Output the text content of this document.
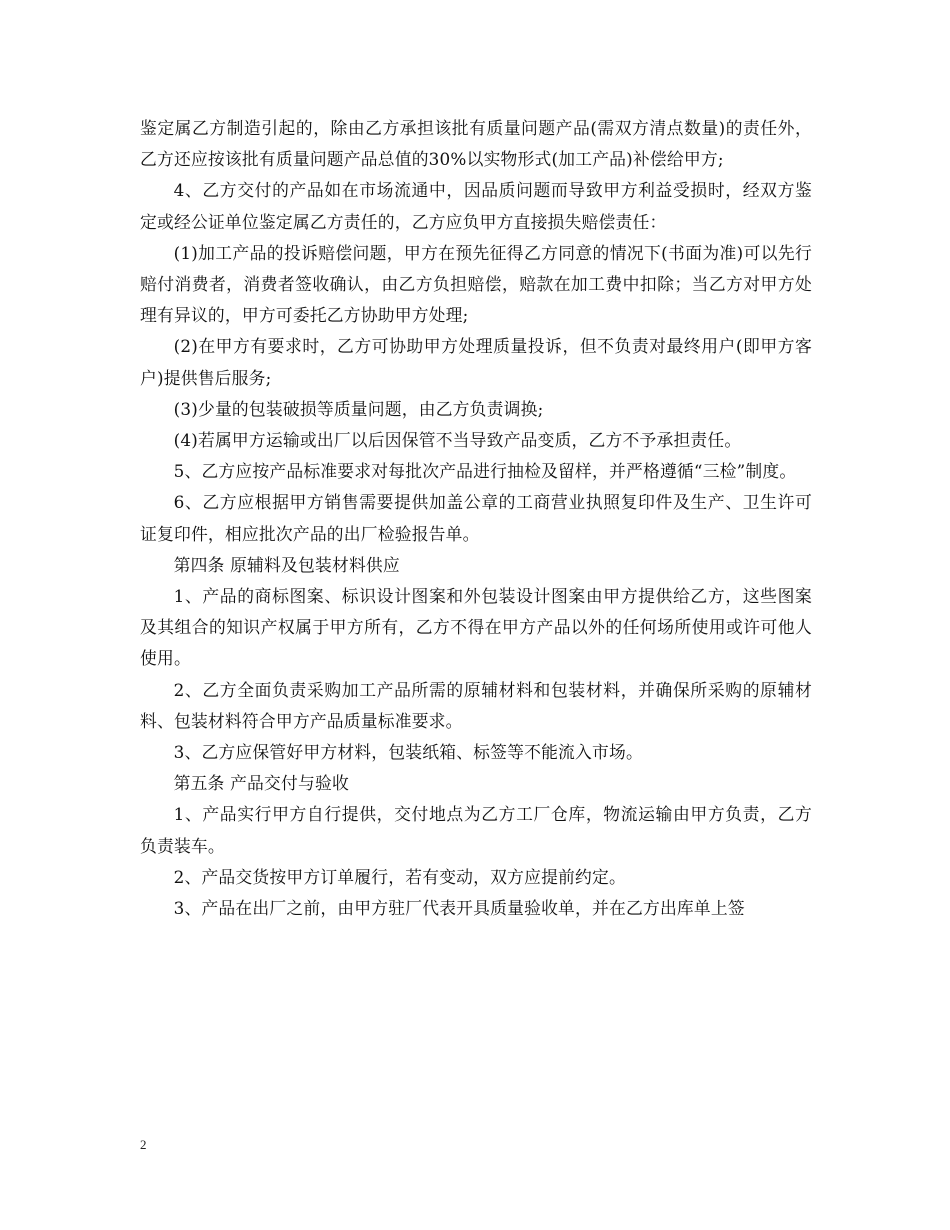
鉴定属乙方制造引起的，除由乙方承担该批有质量问题产品(需双方清点数量)的责任外，乙方还应按该批有质量问题产品总值的30%以实物形式(加工产品)补偿给甲方;

4、乙方交付的产品如在市场流通中，因品质问题而导致甲方利益受损时，经双方鉴定或经公证单位鉴定属乙方责任的，乙方应负甲方直接损失赔偿责任：

(1)加工产品的投诉赔偿问题，甲方在预先征得乙方同意的情况下(书面为准)可以先行赔付消费者，消费者签收确认，由乙方负担赔偿，赔款在加工费中扣除；当乙方对甲方处理有异议的，甲方可委托乙方协助甲方处理;

(2)在甲方有要求时，乙方可协助甲方处理质量投诉，但不负责对最终用户(即甲方客户)提供售后服务;

(3)少量的包装破损等质量问题，由乙方负责调换;

(4)若属甲方运输或出厂以后因保管不当导致产品变质，乙方不予承担责任。

5、乙方应按产品标准要求对每批次产品进行抽检及留样，并严格遵循“三检”制度。

6、乙方应根据甲方销售需要提供加盖公章的工商营业执照复印件及生产、卫生许可证复印件，相应批次产品的出厂检验报告单。

第四条 原辅料及包装材料供应

1、产品的商标图案、标识设计图案和外包装设计图案由甲方提供给乙方，这些图案及其组合的知识产权属于甲方所有，乙方不得在甲方产品以外的任何场所使用或许可他人使用。

2、乙方全面负责采购加工产品所需的原辅材料和包装材料，并确保所采购的原辅材料、包装材料符合甲方产品质量标准要求。

3、乙方应保管好甲方材料，包装纸箱、标签等不能流入市场。

第五条 产品交付与验收

1、产品实行甲方自行提供，交付地点为乙方工厂仓库，物流运输由甲方负责，乙方负责装车。

2、产品交货按甲方订单履行，若有变动，双方应提前约定。

3、产品在出厂之前，由甲方驻厂代表开具质量验收单，并在乙方出库单上签

2
